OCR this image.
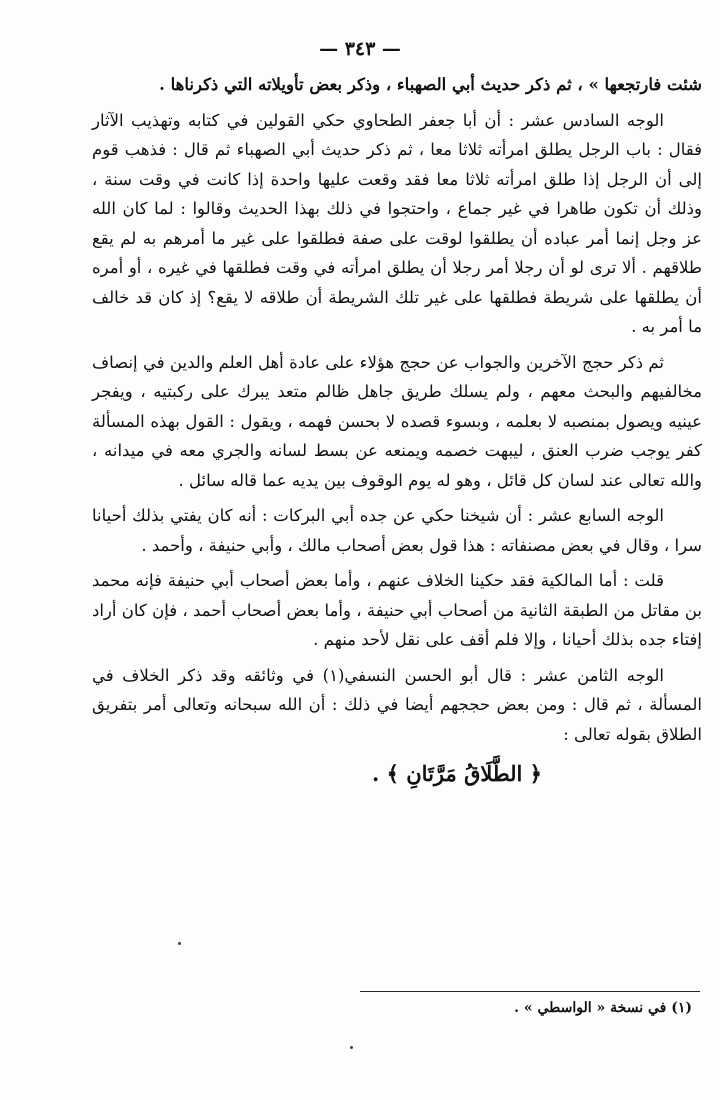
— ٣٤٣ —

شئت فارتجعها » ، ثم ذكر حديث أبي الصهباء ، وذكر بعض تأويلاته التي ذكرناها .

الوجه السادس عشر : أن أبا جعفر الطحاوي حكي القولين في كتابه وتهذيب الآثار فقال : باب الرجل يطلق امرأته ثلاثا معا ، ثم ذكر حديث أبي الصهباء ثم قال : فذهب قوم إلى أن الرجل إذا طلق امرأته ثلاثا معا فقد وقعت عليها واحدة إذا كانت في وقت سنة ، وذلك أن تكون طاهرا في غير جماع ، واحتجوا في ذلك بهذا الحديث وقالوا : لما كان الله عز وجل إنما أمر عباده أن يطلقوا لوقت على صفة فطلقوا على غير ما أمرهم به لم يقع طلاقهم . ألا ترى لو أن رجلا أمر رجلا أن يطلق امرأته في وقت فطلقها في غيره ، أو أمره أن يطلقها على شريطة فطلقها على غير تلك الشريطة أن طلاقه لا يقع؟ إذ كان قد خالف ما أمر به .

ثم ذكر حجج الآخرين والجواب عن حجج هؤلاء على عادة أهل العلم والدين في إنصاف مخالفيهم والبحث معهم ، ولم يسلك طريق جاهل ظالم متعد يبرك على ركبتيه ، ويفجر عينيه ويصول بمنصبه لا بعلمه ، وبسوء قصده لا بحسن فهمه ، ويقول : القول بهذه المسألة كفر يوجب ضرب العنق ، ليبهت خصمه ويمنعه عن بسط لسانه والجري معه في ميدانه ، والله تعالى عند لسان كل قائل ، وهو له يوم الوقوف بين يديه عما قاله سائل .

الوجه السابع عشر : أن شيخنا حكي عن جده أبي البركات : أنه كان يفتي بذلك أحيانا سرا ، وقال في بعض مصنفاته : هذا قول بعض أصحاب مالك ، وأبي حنيفة ، وأحمد .

قلت : أما المالكية فقد حكينا الخلاف عنهم ، وأما بعض أصحاب أبي حنيفة فإنه محمد بن مقاتل من الطبقة الثانية من أصحاب أبي حنيفة ، وأما بعض أصحاب أحمد ، فإن كان أراد إفتاء جده بذلك أحيانا ، وإلا فلم أقف على نقل لأحد منهم .

الوجه الثامن عشر : قال أبو الحسن النسفي(١) في وثائقه وقد ذكر الخلاف في المسألة ، ثم قال : ومن بعض حججهم أيضا في ذلك : أن الله سبحانه وتعالى أمر بتفريق الطلاق بقوله تعالى :

﴿ الطَّلَاقُ مَرَّتَانِ ﴾ .
(١) في نسخة « الواسطي » .
